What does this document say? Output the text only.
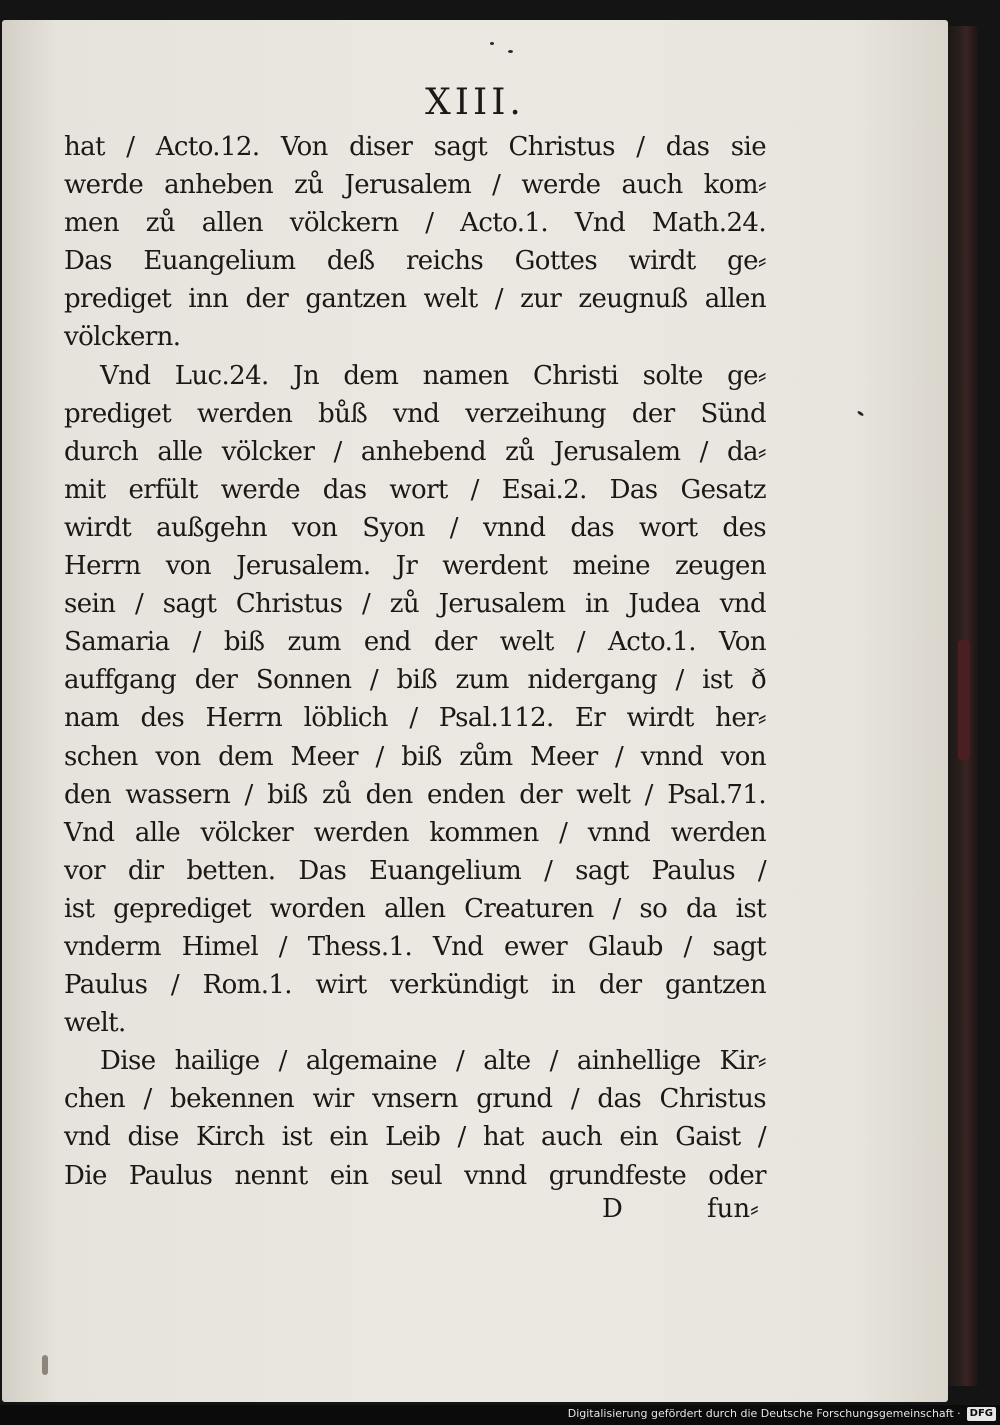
XIII.
hat / Acto.12. Von diser sagt Christus / das sie
werde anheben zů Jerusalem / werde auch kom⸗
men zů allen völckern / Acto.1. Vnd Math.24.
Das Euangelium deß reichs Gottes wirdt ge⸗
prediget inn der gantzen welt / zur zeugnuß allen
völckern.
Vnd Luc.24. Jn dem namen Christi solte ge⸗
prediget werden bůß vnd verzeihung der Sünd
durch alle völcker / anhebend zů Jerusalem / da⸗
mit erfült werde das wort / Esai.2. Das Gesatz
wirdt außgehn von Syon / vnnd das wort des
Herrn von Jerusalem. Jr werdent meine zeugen
sein / sagt Christus / zů Jerusalem in Judea vnd
Samaria / biß zum end der welt / Acto.1. Von
auffgang der Sonnen / biß zum nidergang / ist ð
nam des Herrn löblich / Psal.112. Er wirdt her⸗
schen von dem Meer / biß zům Meer / vnnd von
den wassern / biß zů den enden der welt / Psal.71.
Vnd alle völcker werden kommen / vnnd werden
vor dir betten. Das Euangelium / sagt Paulus /
ist geprediget worden allen Creaturen / so da ist
vnderm Himel / Thess.1. Vnd ewer Glaub / sagt
Paulus / Rom.1. wirt verkündigt in der gantzen
welt.
Dise hailige / algemaine / alte / ainhellige Kir⸗
chen / bekennen wir vnsern grund / das Christus
vnd dise Kirch ist ein Leib / hat auch ein Gaist /
Die Paulus nennt ein seul vnnd grundfeste oder
D	fun⸗
Digitalisierung gefördert durch die Deutsche Forschungsgemeinschaft · DFG
